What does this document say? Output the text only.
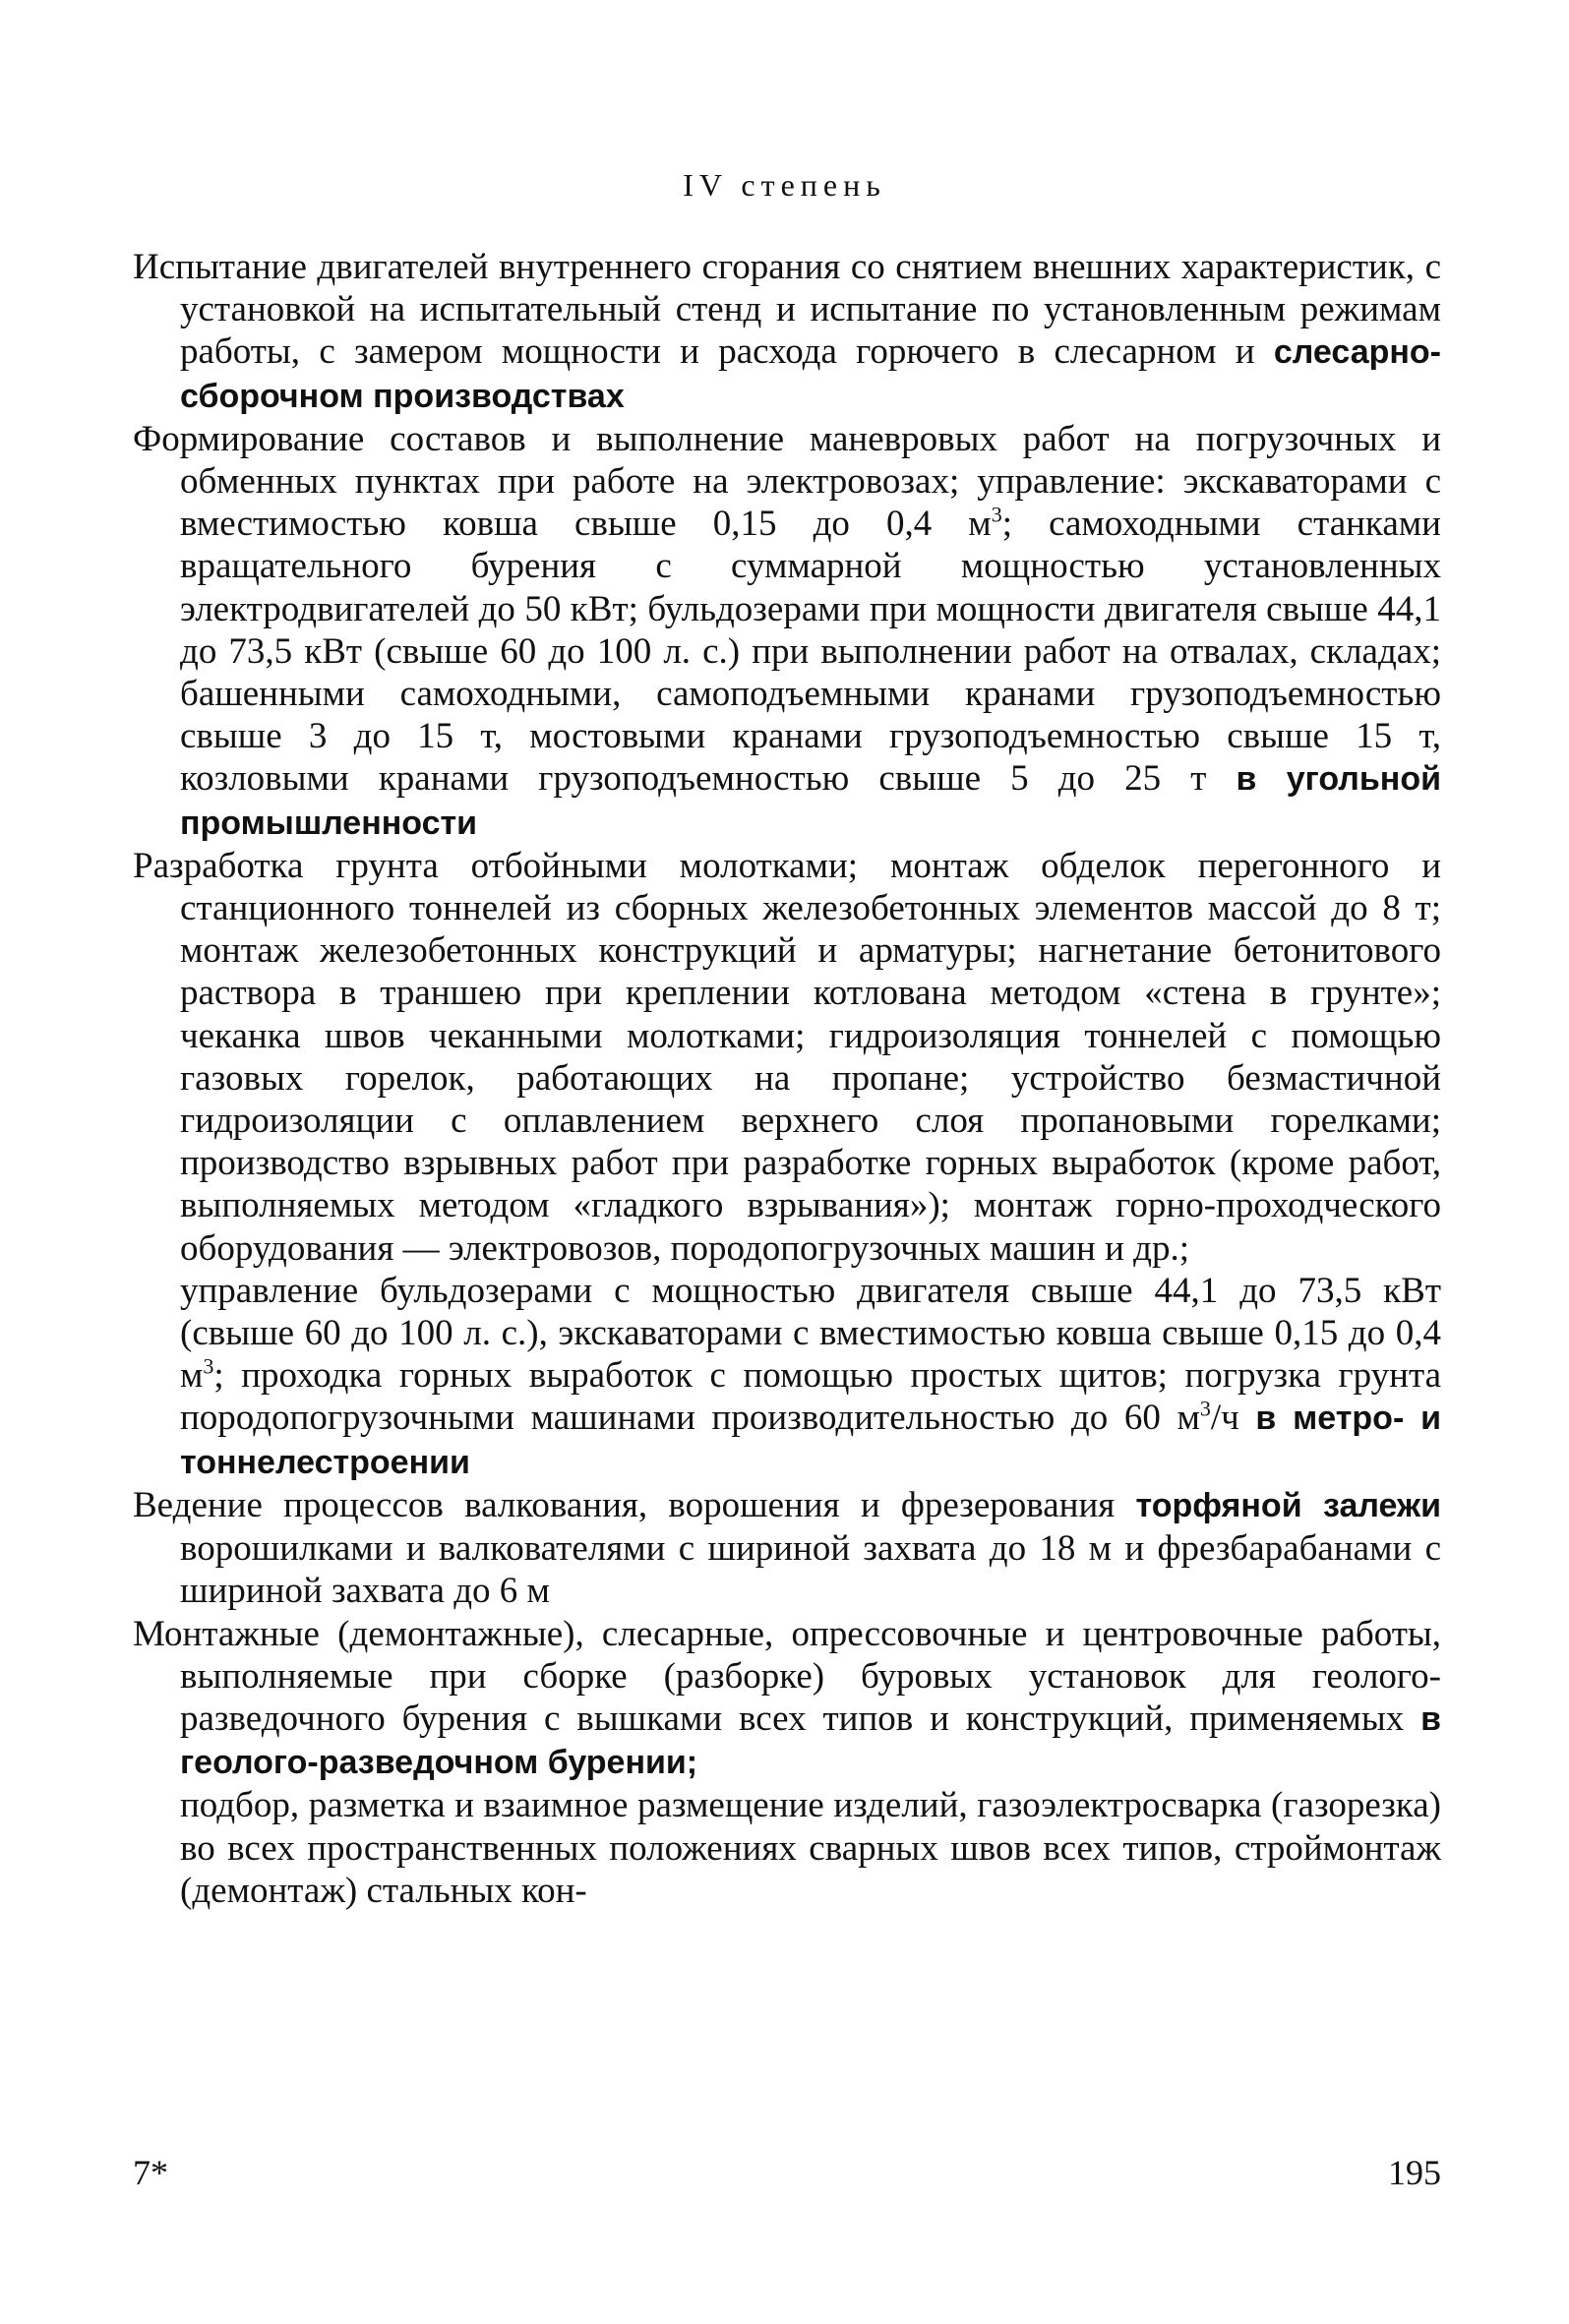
IV степень

Испытание двигателей внутреннего сгорания со снятием внешних характеристик, с установкой на испытательный стенд и испытание по установленным режимам работы, с замером мощности и расхода горючего в слесарном и слесарно-сборочном производствах

Формирование составов и выполнение маневровых работ на погрузочных и обменных пунктах при работе на электровозах; управление: экскаваторами с вместимостью ковша свыше 0,15 до 0,4 $м^3$; самоходными станками вращательного бурения с суммарной мощностью установленных электродвигателей до 50 кВт; бульдозерами при мощности двигателя свыше 44,1 до 73,5 кВт (свыше 60 до 100 л. с.) при выполнении работ на отвалах, складах; башенными самоходными, самоподъемными кранами грузоподъемностью свыше 3 до 15 т, мостовыми кранами грузоподъемностью свыше 15 т, козловыми кранами грузоподъемностью свыше 5 до 25 т в угольной промышленности

Разработка грунта отбойными молотками; монтаж обделок перегонного и станционного тоннелей из сборных железобетонных элементов массой до 8 т; монтаж железобетонных конструкций и арматуры; нагнетание бетонитового раствора в траншею при креплении котлована методом «стена в грунте»; чеканка швов чеканными молотками; гидроизоляция тоннелей с помощью газовых горелок, работающих на пропане; устройство безмастичной гидроизоляции с оплавлением верхнего слоя пропановыми горелками; производство взрывных работ при разработке горных выработок (кроме работ, выполняемых методом «гладкого взрывания»); монтаж горно-проходческого оборудования — электровозов, породопогрузочных машин и др.;

управление бульдозерами с мощностью двигателя свыше 44,1 до 73,5 кВт (свыше 60 до 100 л. с.), экскаваторами с вместимостью ковша свыше 0,15 до 0,4 $м^3$; проходка горных выработок с помощью простых щитов; погрузка грунта породопогрузочными машинами производительностью до 60 $м^3/ч$ в метро- и тоннелестроении

Ведение процессов валкования, ворошения и фрезерования торфяной залежи ворошилками и валкователями с шириной захвата до 18 м и фрезбарабанами с шириной захвата до 6 м

Монтажные (демонтажные), слесарные, опрессовочные и центровочные работы, выполняемые при сборке (разборке) буровых установок для геолого-разведочного бурения с вышками всех типов и конструкций, применяемых в геолого-разведочном бурении;

подбор, разметка и взаимное размещение изделий, газоэлектросварка (газорезка) во всех пространственных положениях сварных швов всех типов, строймонтаж (демонтаж) стальных кон-

7*	195
